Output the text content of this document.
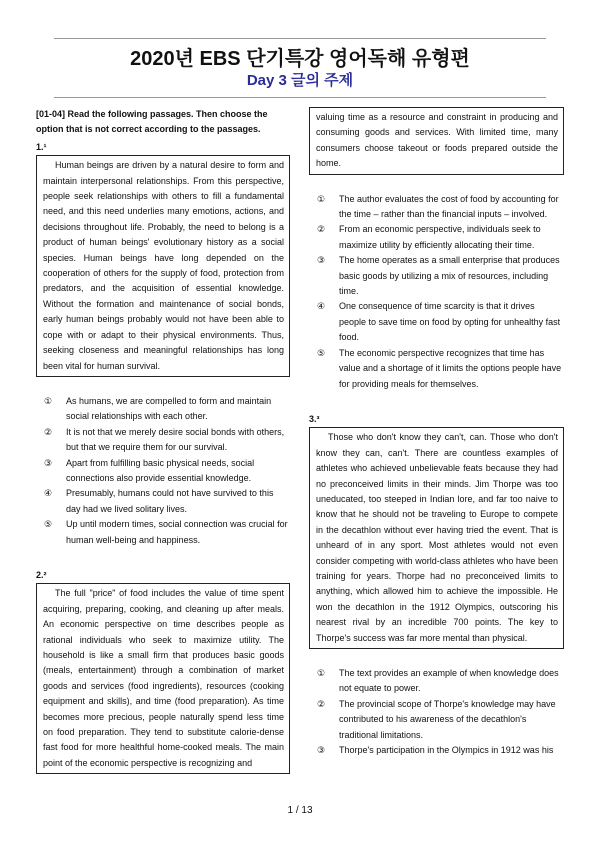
2020년 EBS 단기특강 영어독해 유형편
Day 3 글의 주제
[01-04] Read the following passages. Then choose the option that is not correct according to the passages.
1.¹
Human beings are driven by a natural desire to form and maintain interpersonal relationships. From this perspective, people seek relationships with others to fill a fundamental need, and this need underlies many emotions, actions, and decisions throughout life. Probably, the need to belong is a product of human beings' evolutionary history as a social species. Human beings have long depended on the cooperation of others for the supply of food, protection from predators, and the acquisition of essential knowledge. Without the formation and maintenance of social bonds, early human beings probably would not have been able to cope with or adapt to their physical environments. Thus, seeking closeness and meaningful relationships has long been vital for human survival.
①	As humans, we are compelled to form and maintain social relationships with each other.
②	It is not that we merely desire social bonds with others, but that we require them for our survival.
③	Apart from fulfilling basic physical needs, social connections also provide essential knowledge.
④	Presumably, humans could not have survived to this day had we lived solitary lives.
⑤	Up until modern times, social connection was crucial for human well-being and happiness.
2.²
The full "price" of food includes the value of time spent acquiring, preparing, cooking, and cleaning up after meals. An economic perspective on time describes people as rational individuals who seek to maximize utility. The household is like a small firm that produces basic goods (meals, entertainment) through a combination of market goods and services (food ingredients), resources (cooking equipment and skills), and time (food preparation). As time becomes more precious, people naturally spend less time on food preparation. They tend to substitute calorie-dense fast food for more healthful home-cooked meals. The main point of the economic perspective is recognizing and
valuing time as a resource and constraint in producing and consuming goods and services. With limited time, many consumers choose takeout or foods prepared outside the home.
①	The author evaluates the cost of food by accounting for the time – rather than the financial inputs – involved.
②	From an economic perspective, individuals seek to maximize utility by efficiently allocating their time.
③	The home operates as a small enterprise that produces basic goods by utilizing a mix of resources, including time.
④	One consequence of time scarcity is that it drives people to save time on food by opting for unhealthy fast food.
⑤	The economic perspective recognizes that time has value and a shortage of it limits the options people have for providing meals for themselves.
3.³
Those who don't know they can't, can. Those who don't know they can, can't. There are countless examples of athletes who achieved unbelievable feats because they had no preconceived limits in their minds. Jim Thorpe was too uneducated, too steeped in Indian lore, and far too naive to know that he should not be traveling to Europe to compete in the decathlon without ever having tried the event. That is unheard of in any sport. Most athletes would not even consider competing with world-class athletes who have been training for years. Thorpe had no preconceived limits to anything, which allowed him to achieve the impossible. He won the decathlon in the 1912 Olympics, outscoring his nearest rival by an incredible 700 points. The key to Thorpe's success was far more mental than physical.
①	The text provides an example of when knowledge does not equate to power.
②	The provincial scope of Thorpe's knowledge may have contributed to his awareness of the decathlon's traditional limitations.
③	Thorpe's participation in the Olympics in 1912 was his
1 / 13
